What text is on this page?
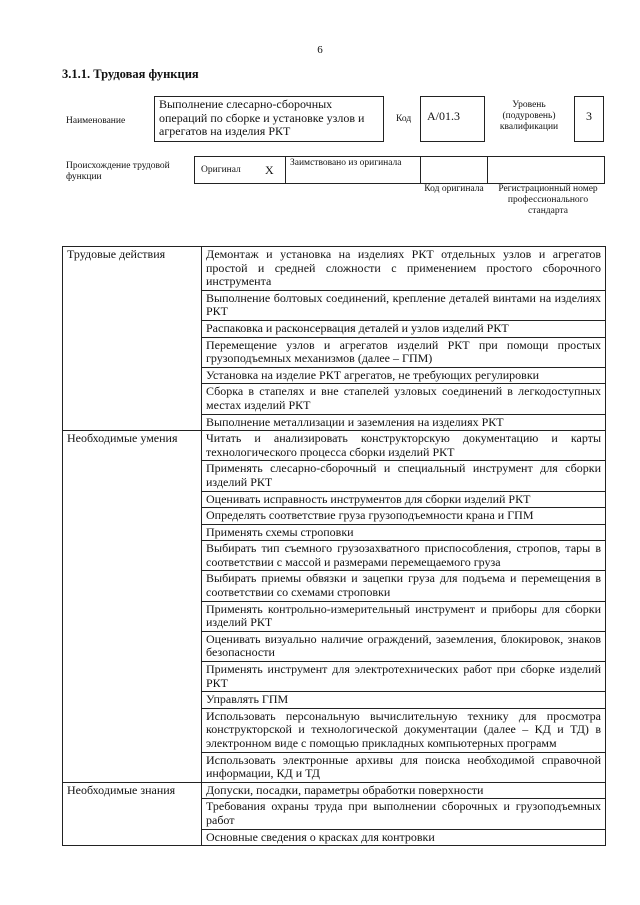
6
3.1.1. Трудовая функция
Наименование
Выполнение слесарно-сборочных операций по сборке и установке узлов и агрегатов на изделия РКТ
Код	А/01.3
Уровень (подуровень) квалификации
3
Происхождение трудовой функции
Оригинал X Заимствовано из оригинала
Код оригинала	Регистрационный номер профессионального стандарта
Трудовые действия	Демонтаж и установка на изделиях РКТ отдельных узлов и агрегатов простой и средней сложности с применением простого сборочного инструмента
	Выполнение болтовых соединений, крепление деталей винтами на изделиях РКТ
	Распаковка и расконсервация деталей и узлов изделий РКТ
	Перемещение узлов и агрегатов изделий РКТ при помощи простых грузоподъемных механизмов (далее – ГПМ)
	Установка на изделие РКТ агрегатов, не требующих регулировки
	Сборка в стапелях и вне стапелей узловых соединений в легкодоступных местах изделий РКТ
	Выполнение металлизации и заземления на изделиях РКТ
Необходимые умения	Читать и анализировать конструкторскую документацию и карты технологического процесса сборки изделий РКТ
	Применять слесарно-сборочный и специальный инструмент для сборки изделий РКТ
	Оценивать исправность инструментов для сборки изделий РКТ
	Определять соответствие груза грузоподъемности крана и ГПМ
	Применять схемы строповки
	Выбирать тип съемного грузозахватного приспособления, стропов, тары в соответствии с массой и размерами перемещаемого груза
	Выбирать приемы обвязки и зацепки груза для подъема и перемещения в соответствии со схемами строповки
	Применять контрольно-измерительный инструмент и приборы для сборки изделий РКТ
	Оценивать визуально наличие ограждений, заземления, блокировок, знаков безопасности
	Применять инструмент для электротехнических работ при сборке изделий РКТ
	Управлять ГПМ
	Использовать персональную вычислительную технику для просмотра конструкторской и технологической документации (далее – КД и ТД) в электронном виде с помощью прикладных компьютерных программ
	Использовать электронные архивы для поиска необходимой справочной информации, КД и ТД
Необходимые знания	Допуски, посадки, параметры обработки поверхности
	Требования охраны труда при выполнении сборочных и грузоподъемных работ
	Основные сведения о красках для контровки
